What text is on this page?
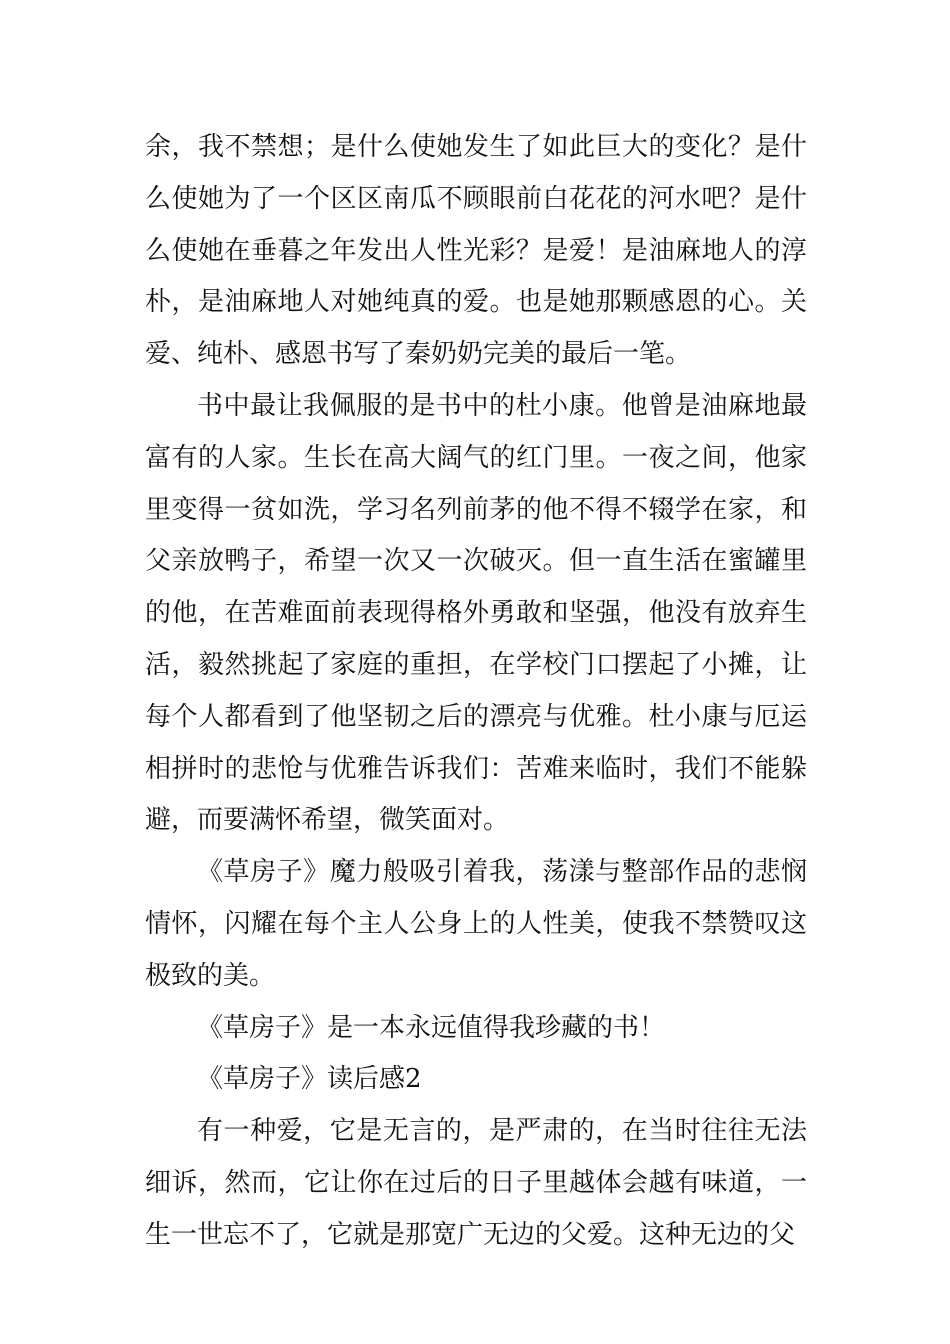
余，我不禁想；是什么使她发生了如此巨大的变化？是什么使她为了一个区区南瓜不顾眼前白花花的河水吧？是什么使她在垂暮之年发出人性光彩？是爱！是油麻地人的淳朴，是油麻地人对她纯真的爱。也是她那颗感恩的心。关爱、纯朴、感恩书写了秦奶奶完美的最后一笔。

书中最让我佩服的是书中的杜小康。他曾是油麻地最富有的人家。生长在高大阔气的红门里。一夜之间，他家里变得一贫如洗，学习名列前茅的他不得不辍学在家，和父亲放鸭子，希望一次又一次破灭。但一直生活在蜜罐里的他，在苦难面前表现得格外勇敢和坚强，他没有放弃生活，毅然挑起了家庭的重担，在学校门口摆起了小摊，让每个人都看到了他坚韧之后的漂亮与优雅。杜小康与厄运相拼时的悲怆与优雅告诉我们：苦难来临时，我们不能躲避，而要满怀希望，微笑面对。

《草房子》魔力般吸引着我，荡漾与整部作品的悲悯情怀，闪耀在每个主人公身上的人性美，使我不禁赞叹这极致的美。

《草房子》是一本永远值得我珍藏的书！

《草房子》读后感2

有一种爱，它是无言的，是严肃的，在当时往往无法细诉，然而，它让你在过后的日子里越体会越有味道，一生一世忘不了，它就是那宽广无边的父爱。这种无边的父
